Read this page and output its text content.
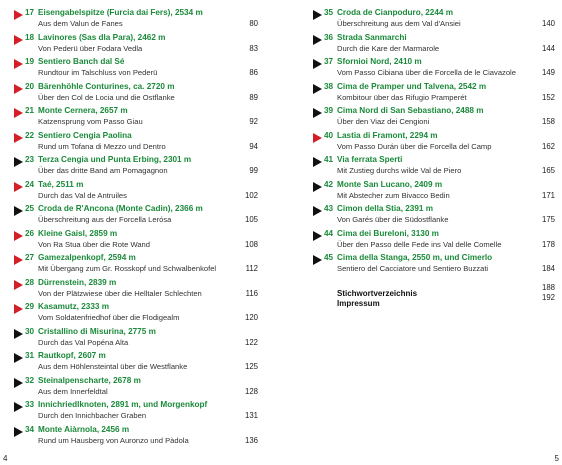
17 Eisengabelspitze (Furcia dai Fers), 2534 m
Aus dem Valun de Fanes	80
18 Lavinores (Sas dla Para), 2462 m
Von Pederü über Fodara Vedla	83
19 Sentiero Banch dal Sé
Rundtour im Talschluss von Pederü	86
20 Bärenhöhle Conturines, ca. 2720 m
Über den Col de Locia und die Ostflanke	89
21 Monte Cernera, 2657 m
Katzensprung vom Passo Giau	92
22 Sentiero Cengia Paolina
Rund um Tofana di Mezzo und Dentro	94
23 Terza Cengia und Punta Erbing, 2301 m
Über das dritte Band am Pomagagnon	99
24 Taé, 2511 m
Durch das Val de Antruiles	102
25 Croda de R'Ancona (Monte Cadin), 2366 m
Überschreitung aus der Forcella Lerósa	105
26 Kleine Gaisl, 2859 m
Von Ra Stua über die Rote Wand	108
27 Gamezalpenkopf, 2594 m
Mit Übergang zum Gr. Rosskopf und Schwalbenkofel	112
28 Dürrenstein, 2839 m
Von der Plätzwiese über die Helltaler Schlechten	116
29 Kasamutz, 2333 m
Vom Soldatenfriedhof über die Flodigealm	120
30 Cristallino di Misurina, 2775 m
Durch das Val Popéna Alta	122
31 Rautkopf, 2607 m
Aus dem Höhlensteintal über die Westflanke	125
32 Steinalpenscharte, 2678 m
Aus dem Innerfeldtal	128
33 Innichriedlknoten, 2891 m, und Morgenkopf
Durch den Innichbacher Graben	131
34 Monte Aiàrnola, 2456 m
Rund um Hausberg von Auronzo und Pàdola	136
35 Croda de Cianpoduro, 2244 m
Überschreitung aus dem Val d'Ansiei	140
36 Strada Sanmarchi
Durch die Kare der Marmarole	144
37 Sfornioi Nord, 2410 m
Vom Passo Cibiana über die Forcella de le Ciavazole	149
38 Cima de Pramper und Talvena, 2542 m
Kombitour über das Rifugio Pramperét	152
39 Cima Nord di San Sebastiano, 2488 m
Über den Viaz dei Cengioni	158
40 Lastia di Framont, 2294 m
Vom Passo Durán über die Forcella del Camp	162
41 Via ferrata Sperti
Mit Zustieg durchs wilde Val de Piero	165
42 Monte San Lucano, 2409 m
Mit Abstecher zum Bivacco Bedin	171
43 Cimon della Stia, 2391 m
Von Garés über die Südostflanke	175
44 Cima dei Bureloni, 3130 m
Über den Passo delle Fede ins Val delle Comelle	178
45 Cima della Stanga, 2550 m, und Cimerlo
Sentiero del Cacciatore und Sentiero Buzzati	184
Stichwortverzeichnis
188
Impressum
192
4	5
